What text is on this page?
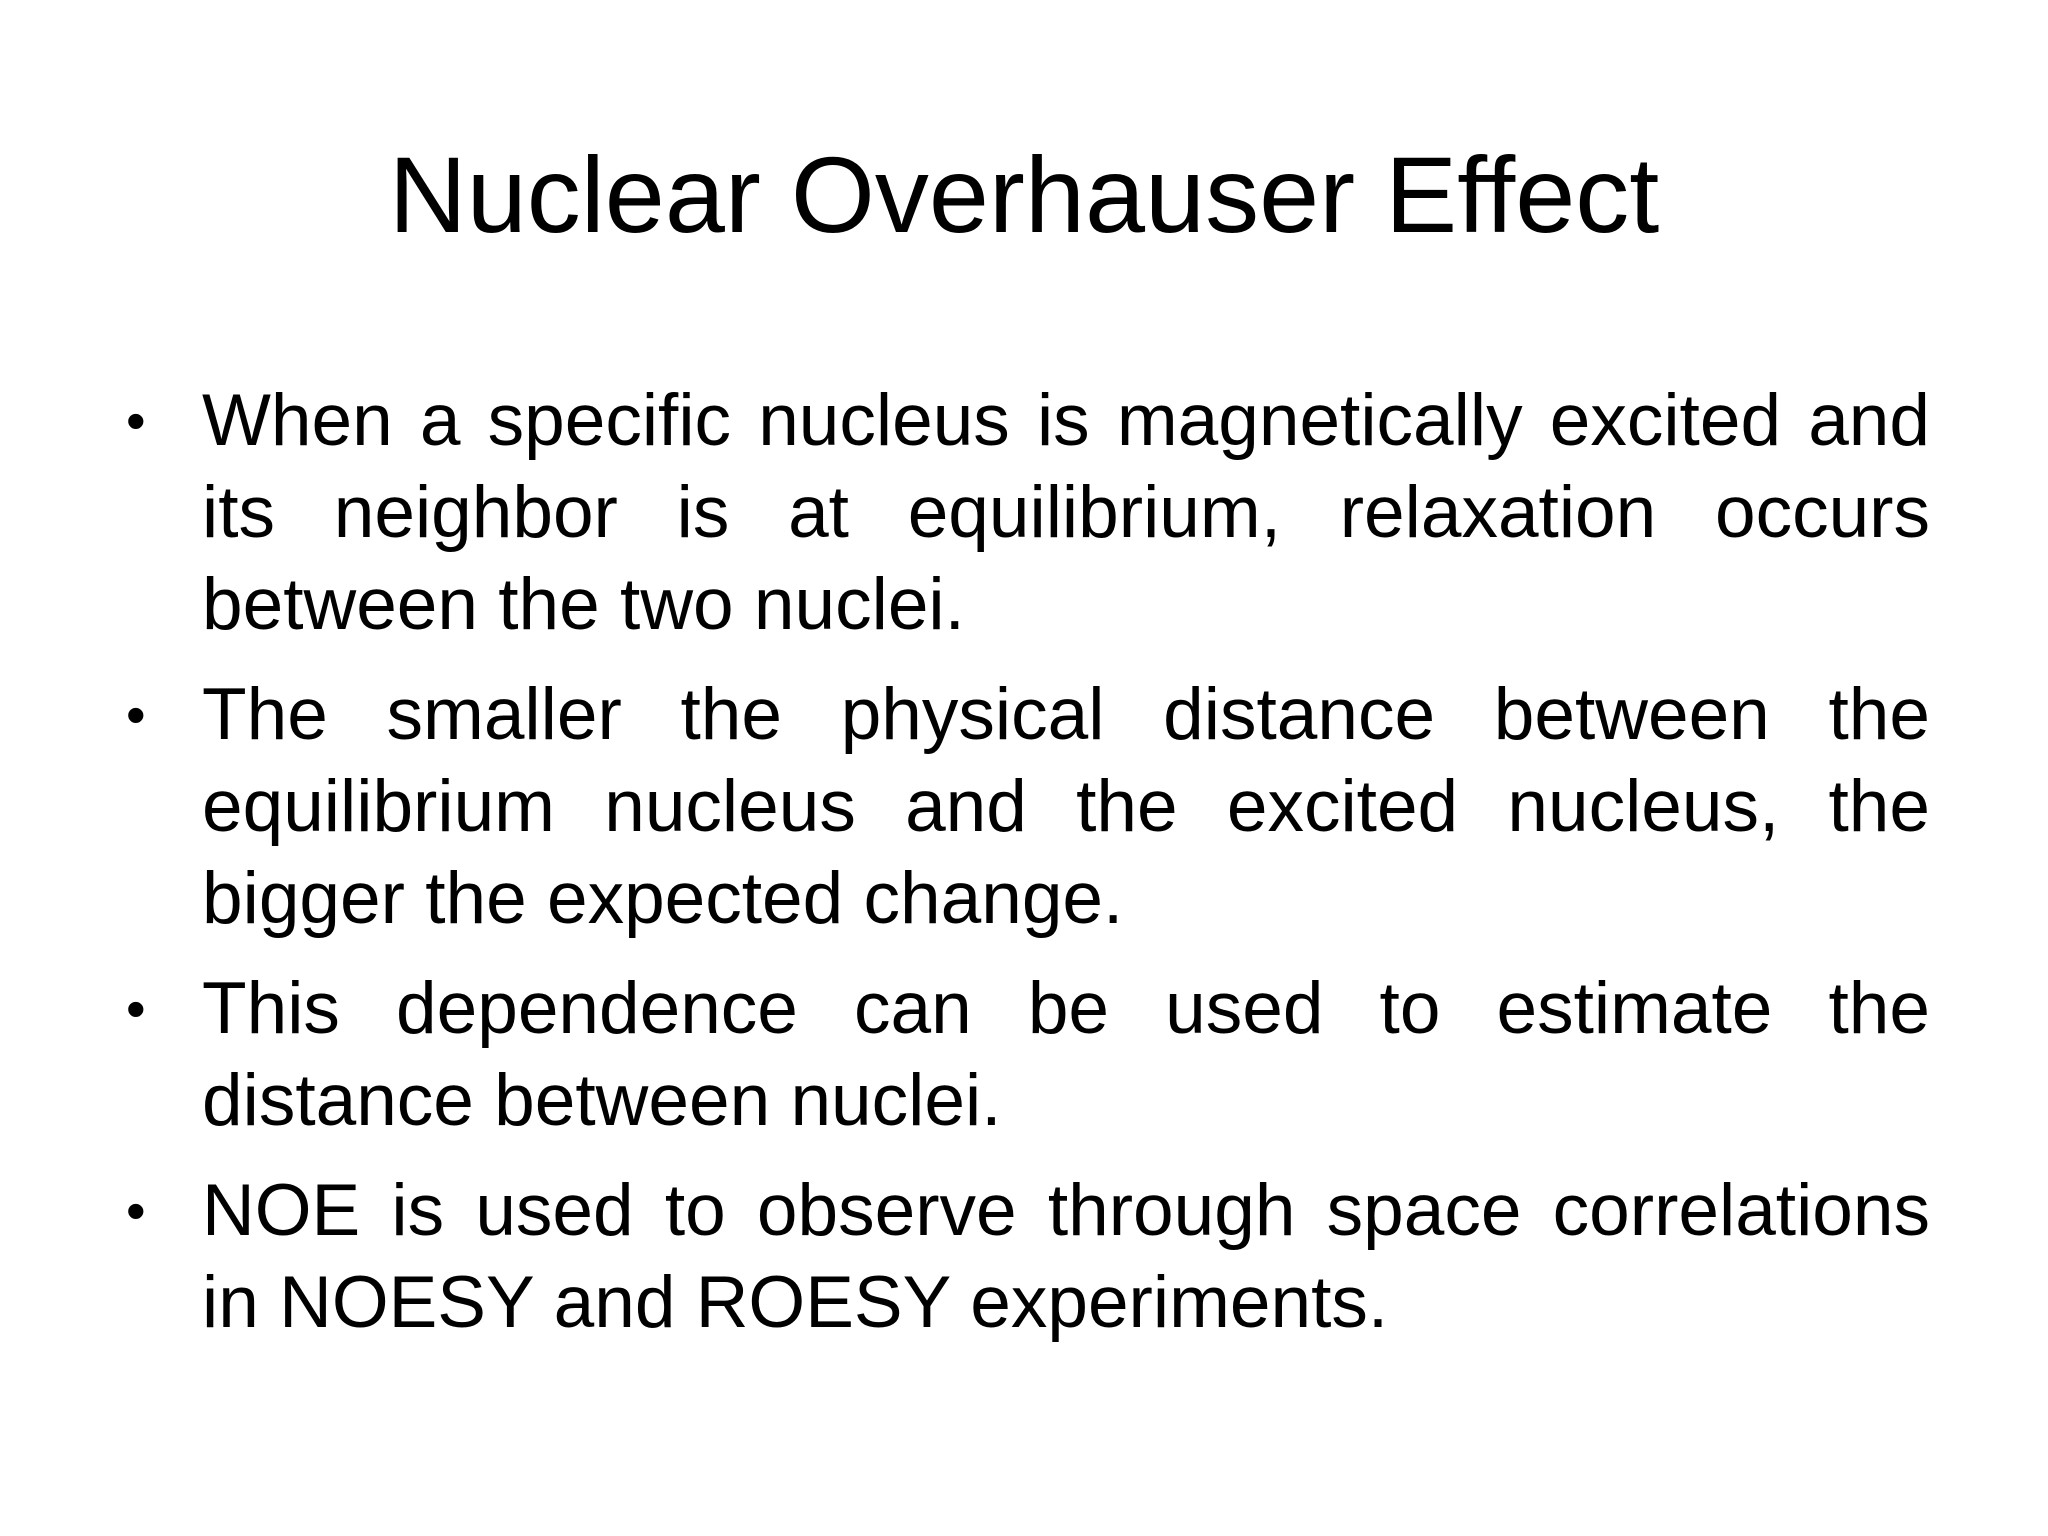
Nuclear Overhauser Effect
• When a specific nucleus is magnetically excited and its neighbor is at equilibrium, relaxation occurs between the two nuclei.
• The smaller the physical distance between the equilibrium nucleus and the excited nucleus, the bigger the expected change.
• This dependence can be used to estimate the distance between nuclei.
• NOE is used to observe through space correlations in NOESY and ROESY experiments.
